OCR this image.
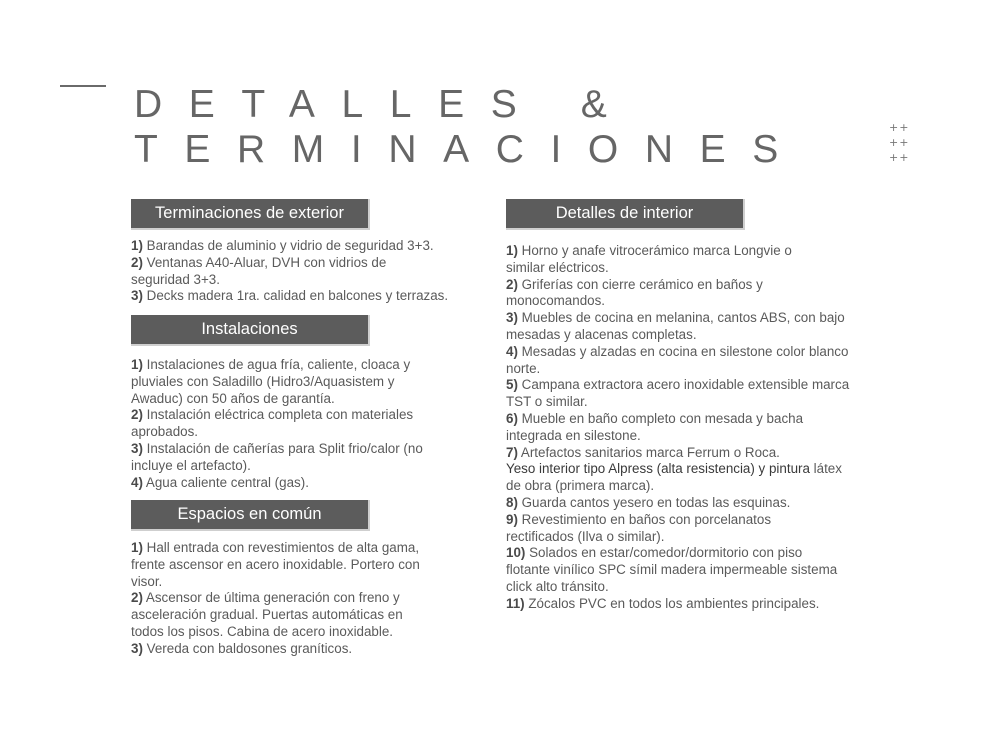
DETALLES &
TERMINACIONES
++
++
++
Terminaciones de exterior

1) Barandas de aluminio y vidrio de seguridad 3+3.

2) Ventanas A40-Aluar, DVH con vidrios de seguridad 3+3.

3) Decks madera 1ra. calidad en balcones y terrazas.

Instalaciones

1) Instalaciones de agua fría, caliente, cloaca y pluviales con Saladillo (Hidro3/Aquasistem y Awaduc) con 50 años de garantía.

2) Instalación eléctrica completa con materiales aprobados.

3) Instalación de cañerías para Split frio/calor (no incluye el artefacto).

4) Agua caliente central (gas).

Espacios en común

1) Hall entrada con revestimientos de alta gama, frente ascensor en acero inoxidable. Portero con visor.

2) Ascensor de última generación con freno y asceleración gradual. Puertas automáticas en todos los pisos. Cabina de acero inoxidable.

3) Vereda con baldosones graníticos.

Detalles de interior

1) Horno y anafe vitrocerámico marca Longvie o similar eléctricos.

2) Griferías con cierre cerámico en baños y monocomandos.

3) Muebles de cocina en melanina, cantos ABS, con bajo mesadas y alacenas completas.

4) Mesadas y alzadas en cocina en silestone color blanco norte.

5) Campana extractora acero inoxidable extensible marca TST o similar.

6) Mueble en baño completo con mesada y bacha integrada en silestone.

7) Artefactos sanitarios marca Ferrum o Roca.

Yeso interior tipo Alpress (alta resistencia) y pintura látex de obra (primera marca).

8) Guarda cantos yesero en todas las esquinas.

9) Revestimiento en baños con porcelanatos rectificados (Ilva o similar).

10) Solados en estar/comedor/dormitorio con piso flotante vinílico SPC símil madera impermeable sistema click alto tránsito.

11) Zócalos PVC en todos los ambientes principales.
